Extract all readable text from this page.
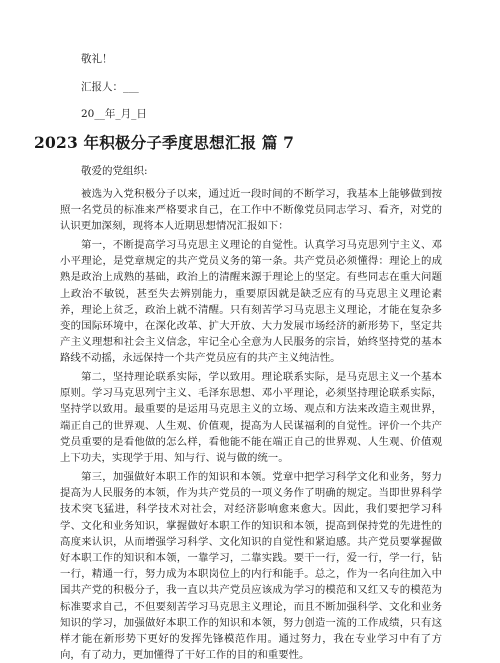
敬礼！
汇报人：___
20__年_月_日
2023 年积极分子季度思想汇报 篇 7
敬爱的党组织:

被选为入党积极分子以来，通过近一段时间的不断学习，我基本上能够做到按照一名党员的标准来严格要求自己，在工作中不断像党员同志学习、看齐，对党的认识更加深刻，现将本人近期思想情况汇报如下：

第一，不断提高学习马克思主义理论的自觉性。认真学习马克思列宁主义、邓小平理论，是党章规定的共产党员义务的第一条。共产党员必须懂得：理论上的成熟是政治上成熟的基础，政治上的清醒来源于理论上的坚定。有些同志在重大问题上政治不敏锐，甚至失去辨别能力，重要原因就是缺乏应有的马克思主义理论素养，理论上贫乏，政治上就不清醒。只有刻苦学习马克思主义理论，才能在复杂多变的国际环境中，在深化改革、扩大开放、大力发展市场经济的新形势下，坚定共产主义理想和社会主义信念，牢记全心全意为人民服务的宗旨，始终坚持党的基本路线不动摇，永远保持一个共产党员应有的共产主义纯洁性。

第二，坚持理论联系实际，学以致用。理论联系实际，是马克思主义一个基本原则。学习马克思列宁主义、毛泽东思想、邓小平理论，必须坚持理论联系实际，坚持学以致用。最重要的是运用马克思主义的立场、观点和方法来改造主观世界，端正自己的世界观、人生观、价值观，提高为人民谋福利的自觉性。评价一个共产党员重要的是看他做的怎么样，看他能不能在端正自己的世界观、人生观、价值观上下功夫，实现学于用、知与行、说与做的统一。

第三，加强做好本职工作的知识和本领。党章中把学习科学文化和业务，努力提高为人民服务的本领，作为共产党员的一项义务作了明确的规定。当即世界科学技术突飞猛进，科学技术对社会，对经济影响愈来愈大。因此，我们要把学习科学、文化和业务知识，掌握做好本职工作的知识和本领，提高到保持党的先进性的高度来认识，从而增强学习科学、文化知识的自觉性和紧迫感。共产党员要掌握做好本职工作的知识和本领，一靠学习，二靠实践。要干一行，爱一行，学一行，钻一行，精通一行，努力成为本职岗位上的内行和能手。总之，作为一名向往加入中国共产党的积极分子，我一直以共产党员应该成为学习的模范和又红又专的模范为标准要求自己，不但要刻苦学习马克思主义理论，而且不断加强科学、文化和业务知识的学习，加强做好本职工作的知识和本领，努力创造一流的工作成绩，只有这样才能在新形势下更好的发挥先锋模范作用。通过努力，我在专业学习中有了方向，有了动力，更加懂得了干好工作的目的和重要性。
